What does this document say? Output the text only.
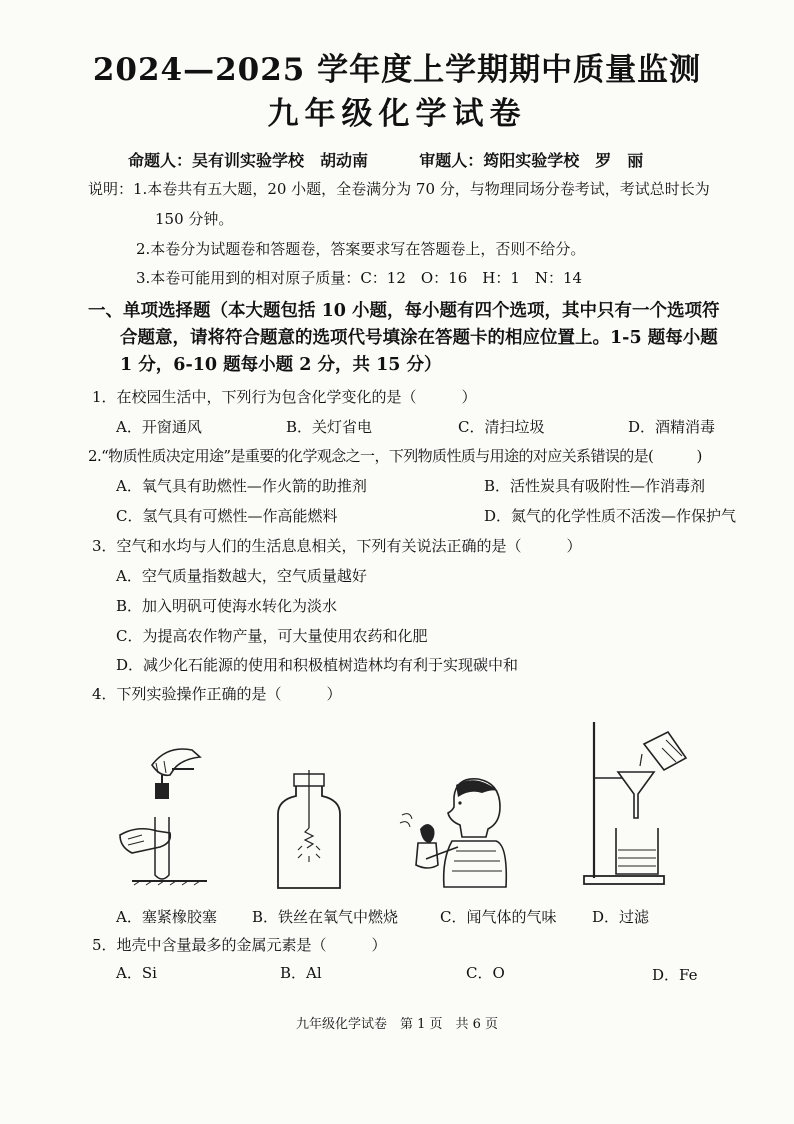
2024—2025 学年度上学期期中质量监测
九年级化学试卷
命题人：吴有训实验学校　胡动南	审题人：筠阳实验学校　罗　丽
说明：1.本卷共有五大题，20 小题，全卷满分为 70 分，与物理同场分卷考试，考试总时长为
150 分钟。
2.本卷分为试题卷和答题卷，答案要求写在答题卷上，否则不给分。
3.本卷可能用到的相对原子质量：C：12　O：16　H：1　N：14
一、单项选择题（本大题包括 10 小题，每小题有四个选项，其中只有一个选项符
合题意，请将符合题意的选项代号填涂在答题卡的相应位置上。1-5 题每小题
1 分，6-10 题每小题 2 分，共 15 分）
1．在校园生活中，下列行为包含化学变化的是（　　　）
A．开窗通风	B．关灯省电	C．清扫垃圾	D．酒精消毒
2.“物质性质决定用途”是重要的化学观念之一，下列物质性质与用途的对应关系错误的是(　　　)
A．氧气具有助燃性—作火箭的助推剂	B．活性炭具有吸附性—作消毒剂
C．氢气具有可燃性—作高能燃料	D．氮气的化学性质不活泼—作保护气
3．空气和水均与人们的生活息息相关，下列有关说法正确的是（　　　）
A．空气质量指数越大，空气质量越好
B．加入明矾可使海水转化为淡水
C．为提高农作物产量，可大量使用农药和化肥
D．减少化石能源的使用和积极植树造林均有利于实现碳中和
4．下列实验操作正确的是（　　　）
A．塞紧橡胶塞 B．铁丝在氧气中燃烧	C．闻气体的气味 D．过滤
5．地壳中含量最多的金属元素是（　　　）
A．Si	B．Al	C．O	D．Fe
九年级化学试卷　第 1 页　共 6 页
